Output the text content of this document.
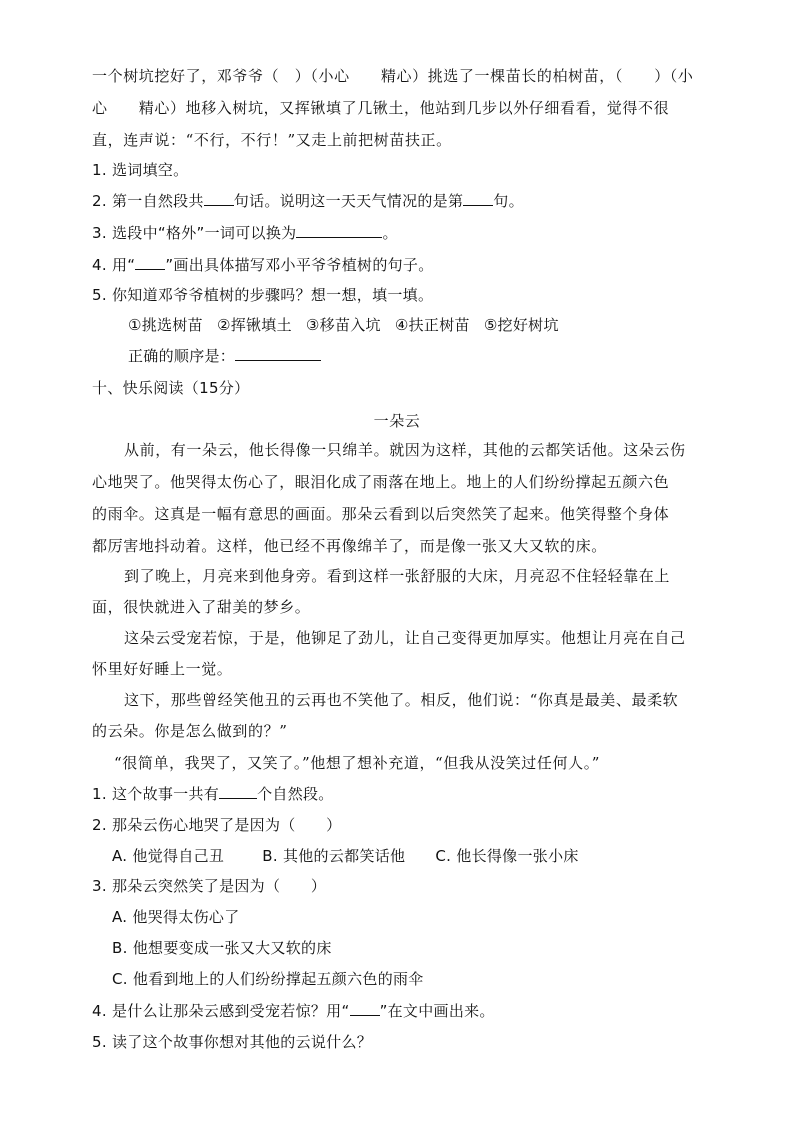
一个树坑挖好了，邓爷爷（　）（小心　　精心）挑选了一棵苗长的柏树苗，（　　）（小
心　　精心）地移入树坑，又挥锹填了几锹土，他站到几步以外仔细看看，觉得不很
直，连声说：“不行，不行！”又走上前把树苗扶正。
1. 选词填空。
2. 第一自然段共 句话。说明这一天天气情况的是第 句。
3. 选段中“格外”一词可以换为	。
4. 用“ ”画出具体描写邓小平爷爷植树的句子。
5. 你知道邓爷爷植树的步骤吗？想一想，填一填。
①挑选树苗 ②挥锹填土 ③移苗入坑 ④扶正树苗 ⑤挖好树坑
正确的顺序是：
十、快乐阅读（15分）
一朵云
从前，有一朵云，他长得像一只绵羊。就因为这样，其他的云都笑话他。这朵云伤
心地哭了。他哭得太伤心了，眼泪化成了雨落在地上。地上的人们纷纷撑起五颜六色
的雨伞。这真是一幅有意思的画面。那朵云看到以后突然笑了起来。他笑得整个身体
都厉害地抖动着。这样，他已经不再像绵羊了，而是像一张又大又软的床。
到了晚上，月亮来到他身旁。看到这样一张舒服的大床，月亮忍不住轻轻靠在上
面，很快就进入了甜美的梦乡。
这朵云受宠若惊，于是，他铆足了劲儿，让自己变得更加厚实。他想让月亮在自己
怀里好好睡上一觉。
这下，那些曾经笑他丑的云再也不笑他了。相反，他们说：“你真是最美、最柔软
的云朵。你是怎么做到的？”
“很简单，我哭了，又笑了。”他想了想补充道，“但我从没笑过任何人。”
1. 这个故事一共有	个自然段。
2. 那朵云伤心地哭了是因为（　　）
A. 他觉得自己丑	B. 其他的云都笑话他 C. 他长得像一张小床
3. 那朵云突然笑了是因为（　　）
A. 他哭得太伤心了
B. 他想要变成一张又大又软的床
C. 他看到地上的人们纷纷撑起五颜六色的雨伞
4. 是什么让那朵云感到受宠若惊？用“ ”在文中画出来。
5. 读了这个故事你想对其他的云说什么？
